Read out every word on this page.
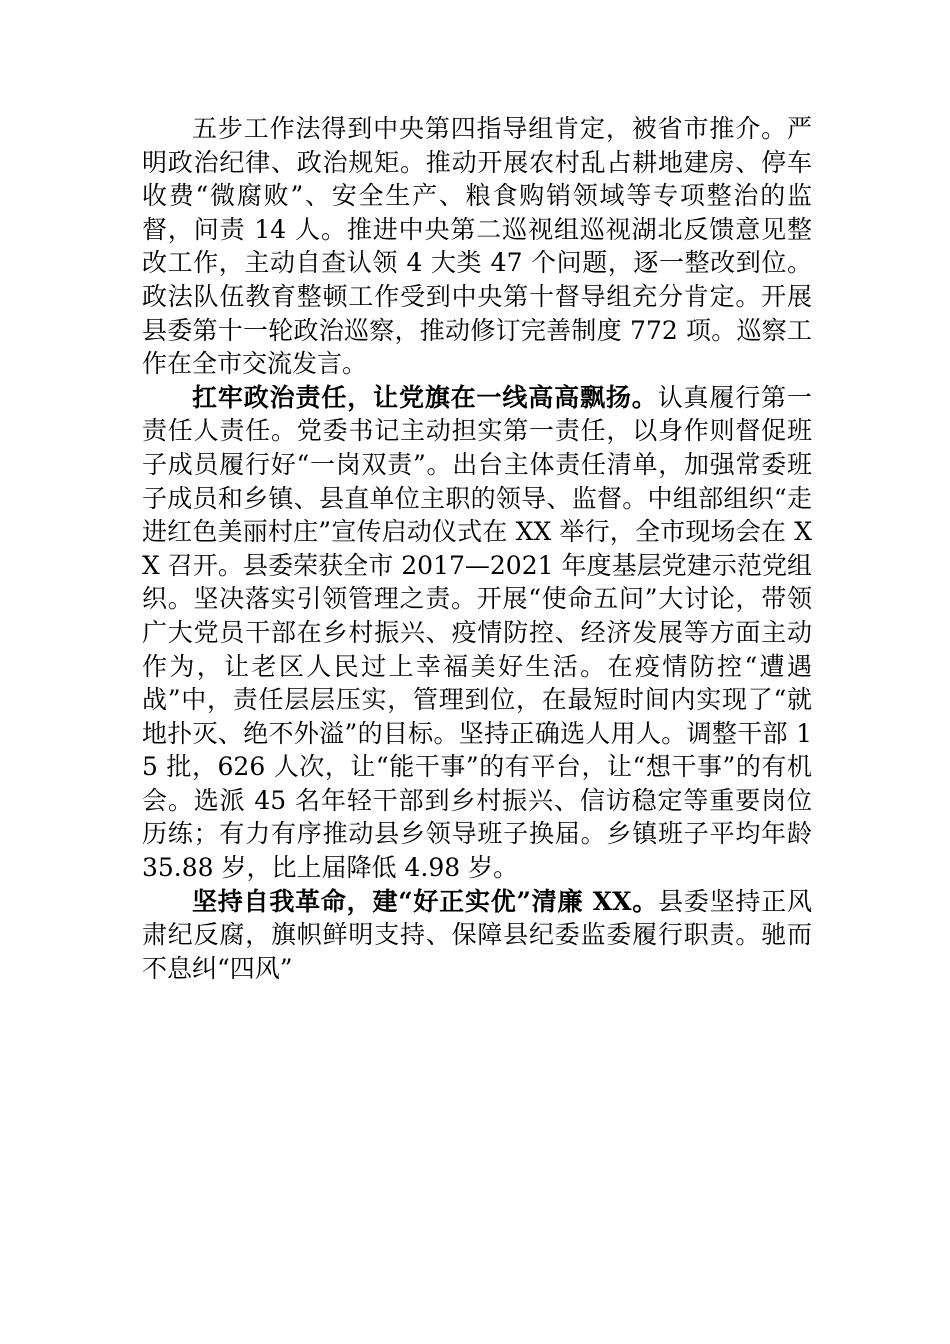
五步工作法得到中央第四指导组肯定，被省市推介。严明政治纪律、政治规矩。推动开展农村乱占耕地建房、停车收费“微腐败”、安全生产、粮食购销领域等专项整治的监督，问责 14 人。推进中央第二巡视组巡视湖北反馈意见整改工作，主动自查认领 4 大类 47 个问题，逐一整改到位。政法队伍教育整顿工作受到中央第十督导组充分肯定。开展县委第十一轮政治巡察，推动修订完善制度 772 项。巡察工作在全市交流发言。

扛牢政治责任，让党旗在一线高高飘扬。认真履行第一责任人责任。党委书记主动担实第一责任，以身作则督促班子成员履行好“一岗双责”。出台主体责任清单，加强常委班子成员和乡镇、县直单位主职的领导、监督。中组部组织“走进红色美丽村庄”宣传启动仪式在 XX 举行，全市现场会在 XX 召开。县委荣获全市 2017—2021 年度基层党建示范党组织。坚决落实引领管理之责。开展“使命五问”大讨论，带领广大党员干部在乡村振兴、疫情防控、经济发展等方面主动作为，让老区人民过上幸福美好生活。在疫情防控“遭遇战”中，责任层层压实，管理到位，在最短时间内实现了“就地扑灭、绝不外溢”的目标。坚持正确选人用人。调整干部 15 批，626 人次，让“能干事”的有平台，让“想干事”的有机会。选派 45 名年轻干部到乡村振兴、信访稳定等重要岗位历练；有力有序推动县乡领导班子换届。乡镇班子平均年龄 35.88 岁，比上届降低 4.98 岁。

坚持自我革命，建“好正实优”清廉 XX。县委坚持正风肃纪反腐，旗帜鲜明支持、保障县纪委监委履行职责。驰而不息纠“四风”
